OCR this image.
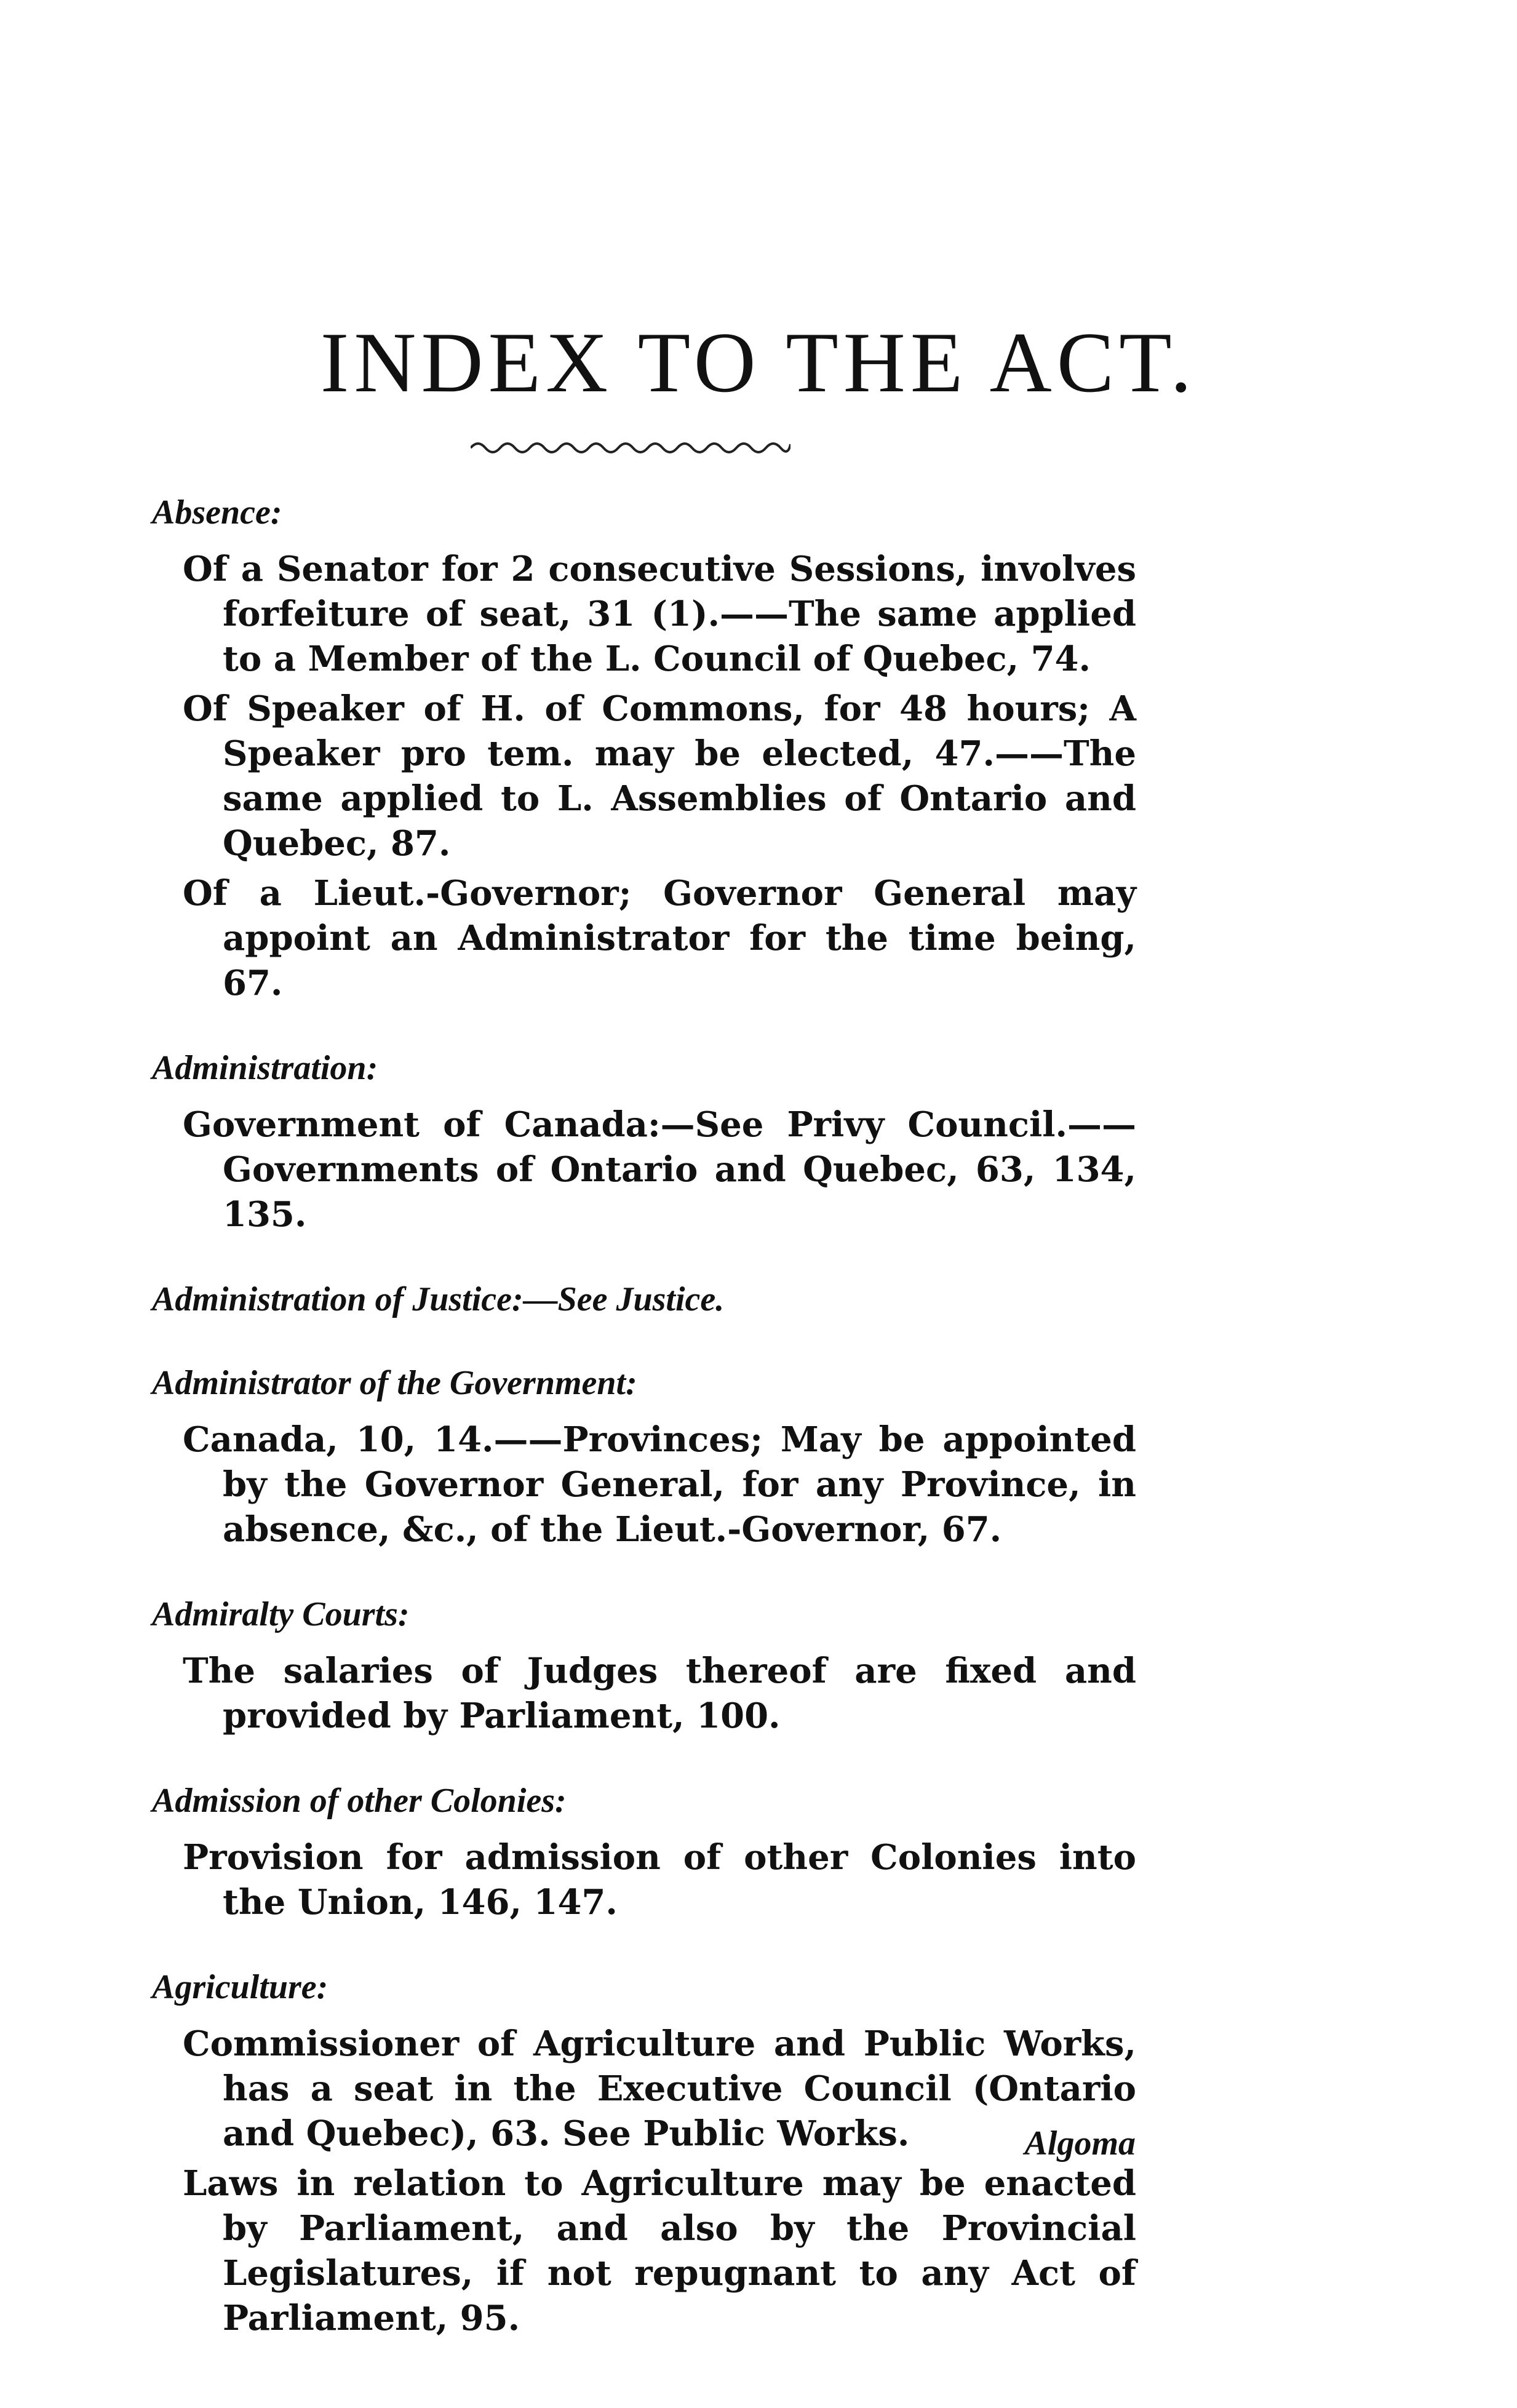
INDEX TO THE ACT.

Absence:

Of a Senator for 2 consecutive Sessions, involves forfeiture of seat, 31 (1).——The same applied to a Member of the L. Council of Quebec, 74.

Of Speaker of H. of Commons, for 48 hours; A Speaker pro tem. may be elected, 47.——The same applied to L. Assemblies of Ontario and Quebec, 87.

Of a Lieut.-Governor; Governor General may appoint an Administrator for the time being, 67.

Administration:

Government of Canada:—See Privy Council.——Governments of Ontario and Quebec, 63, 134, 135.

Administration of Justice:—See Justice.

Administrator of the Government:

Canada, 10, 14.——Provinces; May be appointed by the Governor General, for any Province, in absence, &c., of the Lieut.-Governor, 67.

Admiralty Courts:

The salaries of Judges thereof are fixed and provided by Parliament, 100.

Admission of other Colonies:

Provision for admission of other Colonies into the Union, 146, 147.

Agriculture:

Commissioner of Agriculture and Public Works, has a seat in the Executive Council (Ontario and Quebec), 63. See Public Works.

Laws in relation to Agriculture may be enacted by Parliament, and also by the Provincial Legislatures, if not repugnant to any Act of Parliament, 95.

Algoma
